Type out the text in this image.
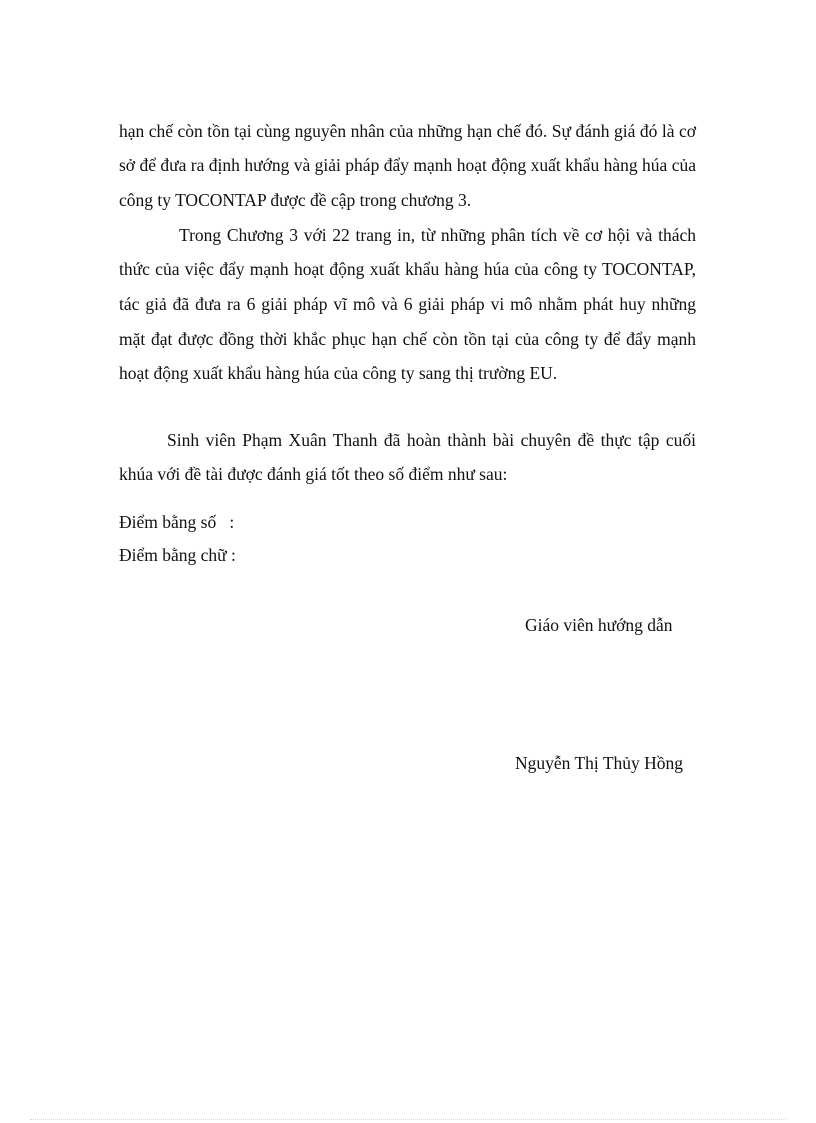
hạn chế còn tồn tại cùng nguyên nhân của những hạn chế đó. Sự đánh giá đó là cơ sở để đưa ra định hướng và giải pháp đẩy mạnh hoạt động xuất khẩu hàng húa của công ty TOCONTAP được đề cập trong chương 3.

Trong Chương 3 với 22 trang in, từ những phân tích về cơ hội và thách thức của việc đẩy mạnh hoạt động xuất khẩu hàng húa của công ty TOCONTAP, tác giả đã đưa ra 6 giải pháp vĩ mô và 6 giải pháp vi mô nhằm phát huy những mặt đạt được đồng thời khắc phục hạn chế còn tồn tại của công ty để đẩy mạnh hoạt động xuất khẩu hàng húa của công ty sang thị trường EU.

Sinh viên Phạm Xuân Thanh đã hoàn thành bài chuyên đề thực tập cuối khúa với đề tài được đánh giá tốt theo số điểm như sau:

Điểm bằng số   :
Điểm bằng chữ :
Giáo viên hướng dẫn
Nguyễn Thị Thủy Hồng
